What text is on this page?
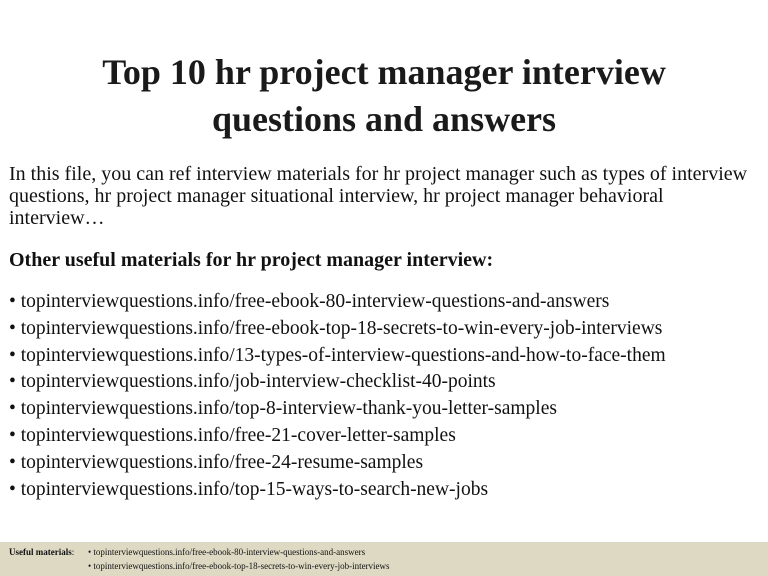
Top 10 hr project manager interview
questions and answers

In this file, you can ref interview materials for hr project manager such as types of interview questions, hr project manager situational interview, hr project manager behavioral interview…

Other useful materials for hr project manager interview:

• topinterviewquestions.info/free-ebook-80-interview-questions-and-answers
• topinterviewquestions.info/free-ebook-top-18-secrets-to-win-every-job-interviews
• topinterviewquestions.info/13-types-of-interview-questions-and-how-to-face-them
• topinterviewquestions.info/job-interview-checklist-40-points
• topinterviewquestions.info/top-8-interview-thank-you-letter-samples
• topinterviewquestions.info/free-21-cover-letter-samples
• topinterviewquestions.info/free-24-resume-samples
• topinterviewquestions.info/top-15-ways-to-search-new-jobs
Useful materials: • topinterviewquestions.info/free-ebook-80-interview-questions-and-answers
• topinterviewquestions.info/free-ebook-top-18-secrets-to-win-every-job-interviews
